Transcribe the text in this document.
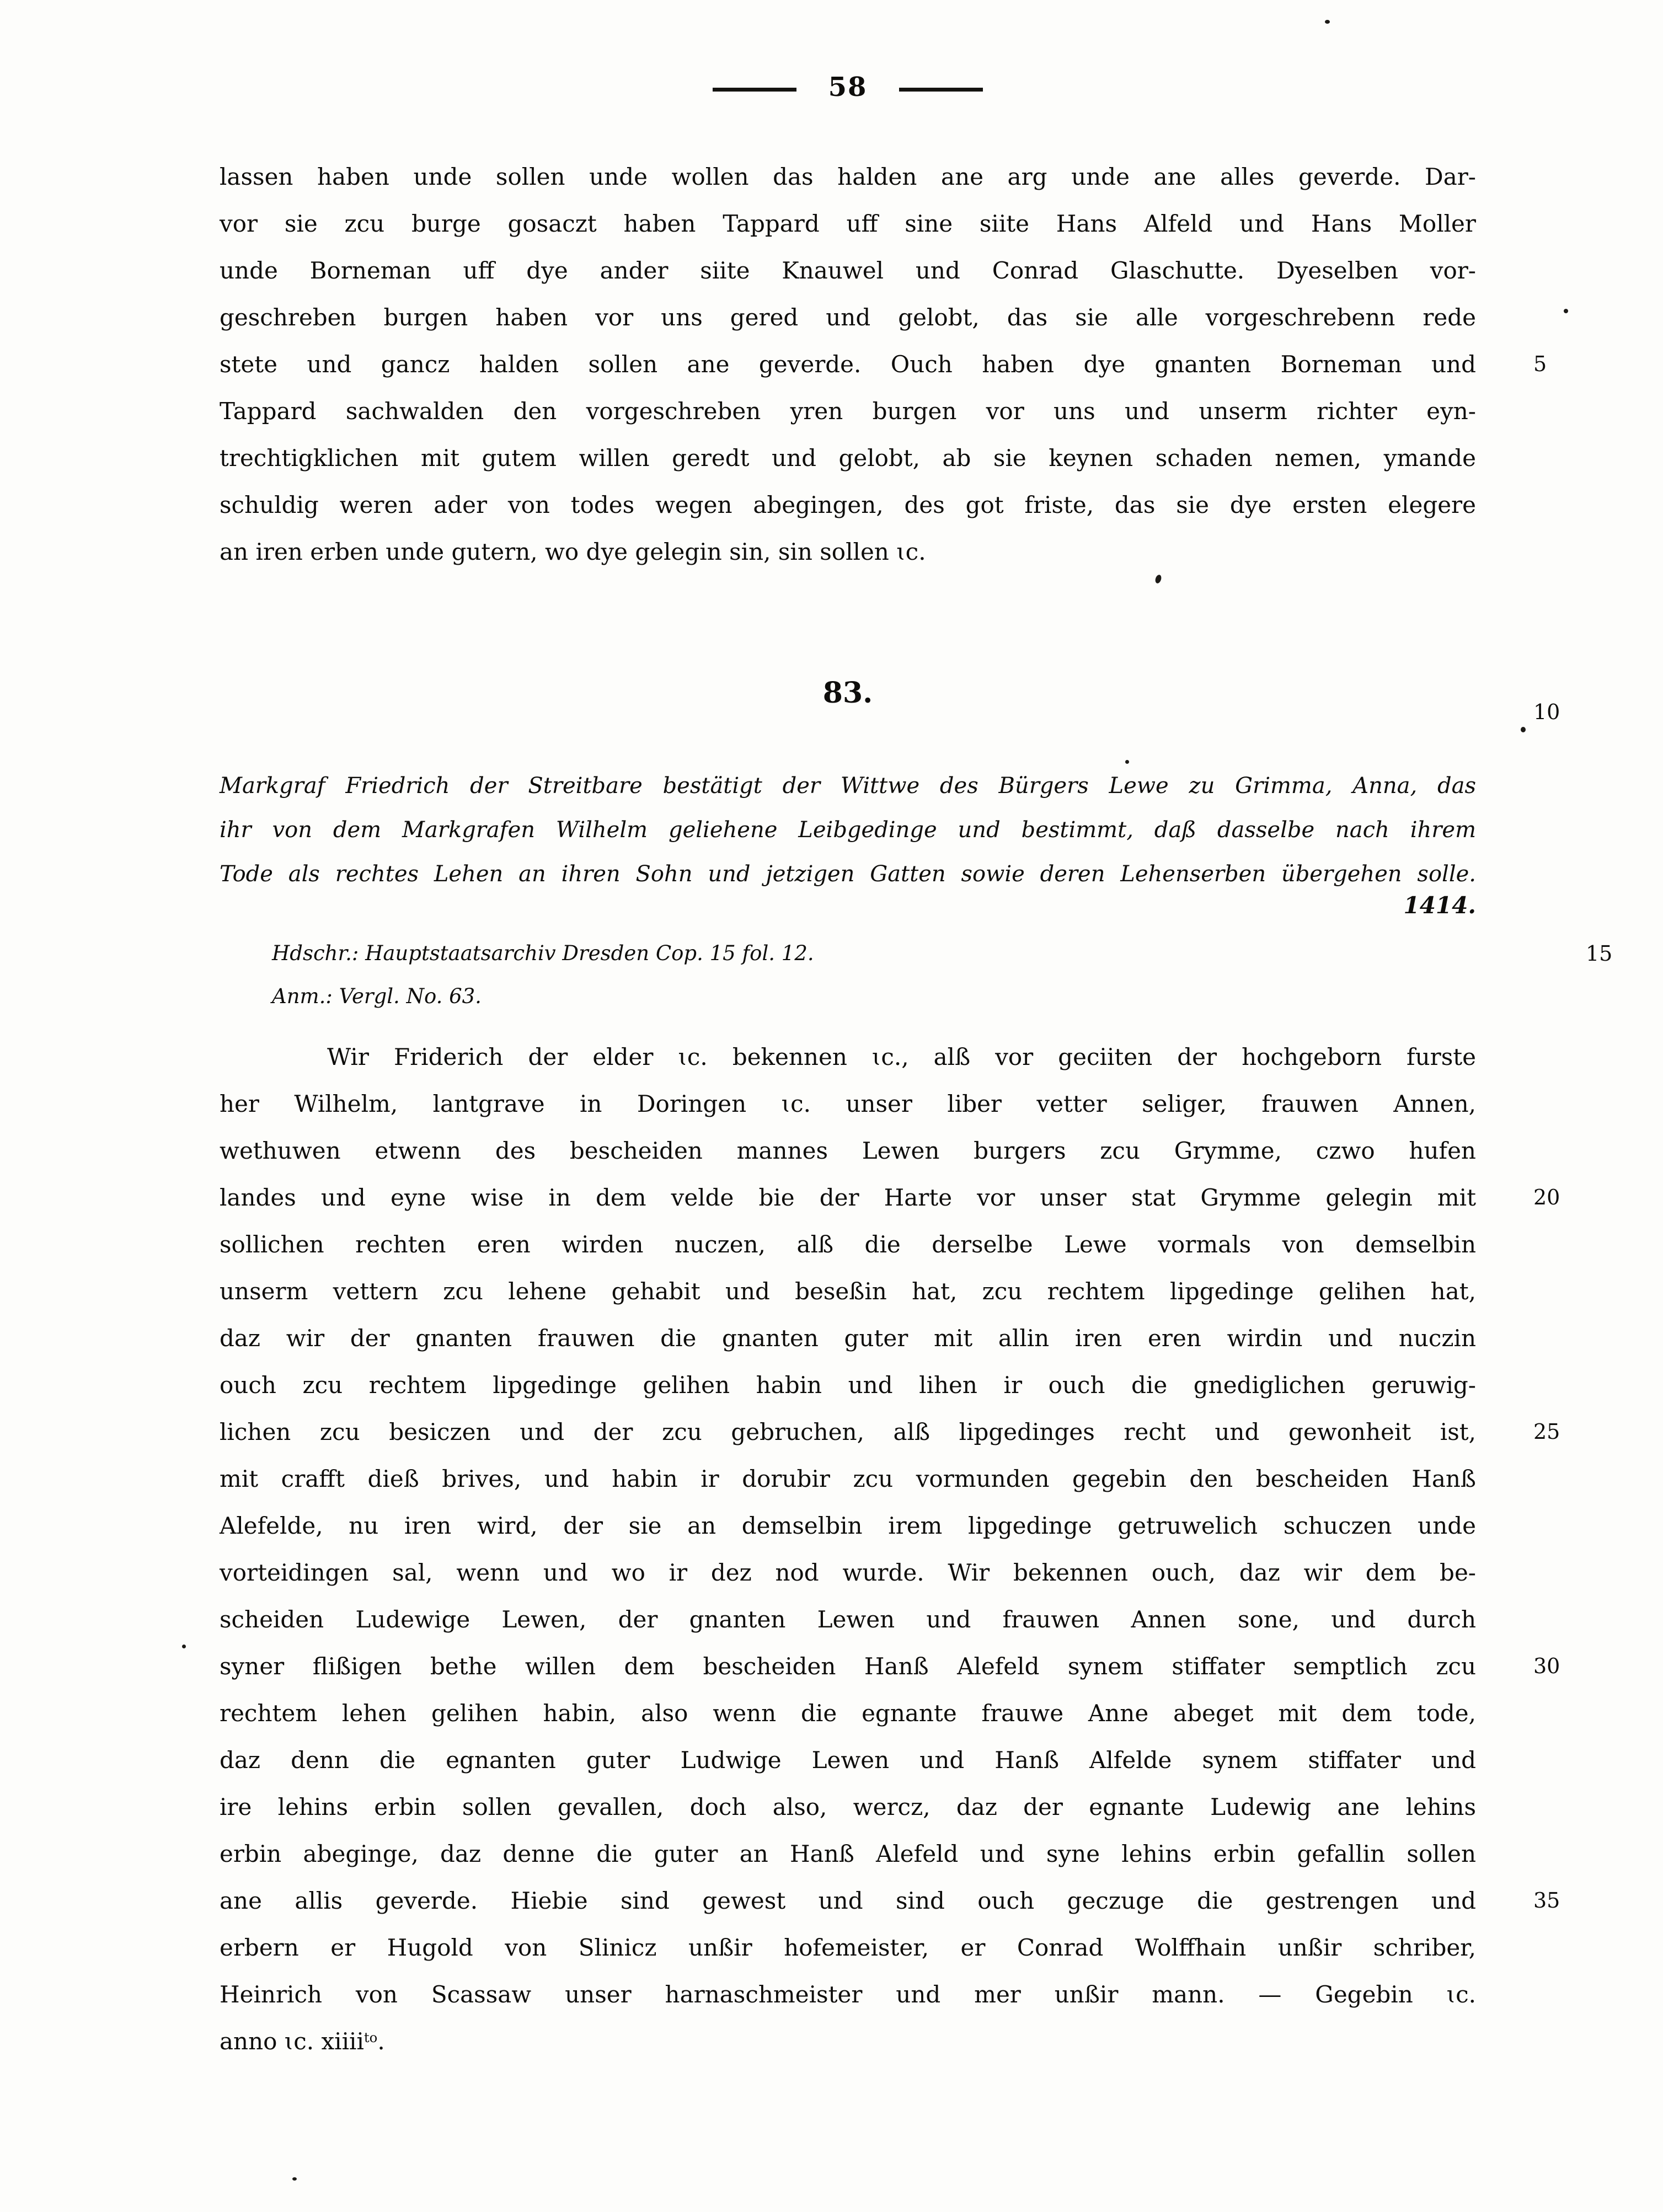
58
lassen haben unde sollen unde wollen das halden ane arg unde ane alles geverde. Dar-
vor sie zcu burge gosaczt haben Tappard uff sine siite Hans Alfeld und Hans Moller
unde Borneman uff dye ander siite Knauwel und Conrad Glaschutte. Dyeselben vor-
geschreben burgen haben vor uns gered und gelobt, das sie alle vorgeschrebenn rede
stete und gancz halden sollen ane geverde. Ouch haben dye gnanten Borneman und	5
Tappard sachwalden den vorgeschreben yren burgen vor uns und unserm richter eyn-
trechtigklichen mit gutem willen geredt und gelobt, ab sie keynen schaden nemen, ymande
schuldig weren ader von todes wegen abegingen, des got friste, das sie dye ersten elegere
an iren erben unde gutern, wo dye gelegin sin, sin sollen ɩc.
83.
10
Markgraf Friedrich der Streitbare bestätigt der Wittwe des Bürgers Lewe zu Grimma, Anna, das
ihr von dem Markgrafen Wilhelm geliehene Leibgedinge und bestimmt, daß dasselbe nach ihrem
Tode als rechtes Lehen an ihren Sohn und jetzigen Gatten sowie deren Lehenserben übergehen solle.
1414.
Hdschr.: Hauptstaatsarchiv Dresden Cop. 15 fol. 12.	15
Anm.: Vergl. No. 63.
Wir Friderich der elder ɩc. bekennen ɩc., alß vor geciiten der hochgeborn furste
her Wilhelm, lantgrave in Doringen ɩc. unser liber vetter seliger, frauwen Annen,
wethuwen etwenn des bescheiden mannes Lewen burgers zcu Grymme, czwo hufen
landes und eyne wise in dem velde bie der Harte vor unser stat Grymme gelegin mit	20
sollichen rechten eren wirden nuczen, alß die derselbe Lewe vormals von demselbin
unserm vettern zcu lehene gehabit und beseßin hat, zcu rechtem lipgedinge gelihen hat,
daz wir der gnanten frauwen die gnanten guter mit allin iren eren wirdin und nuczin
ouch zcu rechtem lipgedinge gelihen habin und lihen ir ouch die gnediglichen geruwig-
lichen zcu besiczen und der zcu gebruchen, alß lipgedinges recht und gewonheit ist,	25
mit crafft dieß brives, und habin ir dorubir zcu vormunden gegebin den bescheiden Hanß
Alefelde, nu iren wird, der sie an demselbin irem lipgedinge getruwelich schuczen unde
vorteidingen sal, wenn und wo ir dez nod wurde. Wir bekennen ouch, daz wir dem be-
scheiden Ludewige Lewen, der gnanten Lewen und frauwen Annen sone, und durch
syner flißigen bethe willen dem bescheiden Hanß Alefeld synem stiffater semptlich zcu	30
rechtem lehen gelihen habin, also wenn die egnante frauwe Anne abeget mit dem tode,
daz denn die egnanten guter Ludwige Lewen und Hanß Alfelde synem stiffater und
ire lehins erbin sollen gevallen, doch also, wercz, daz der egnante Ludewig ane lehins
erbin abeginge, daz denne die guter an Hanß Alefeld und syne lehins erbin gefallin sollen
ane allis geverde. Hiebie sind gewest und sind ouch geczuge die gestrengen und	35
erbern er Hugold von Slinicz unßir hofemeister, er Conrad Wolffhain unßir schriber,
Heinrich von Scassaw unser harnaschmeister und mer unßir mann. — Gegebin ɩc.
anno ɩc. xiiii$^{to}$.
